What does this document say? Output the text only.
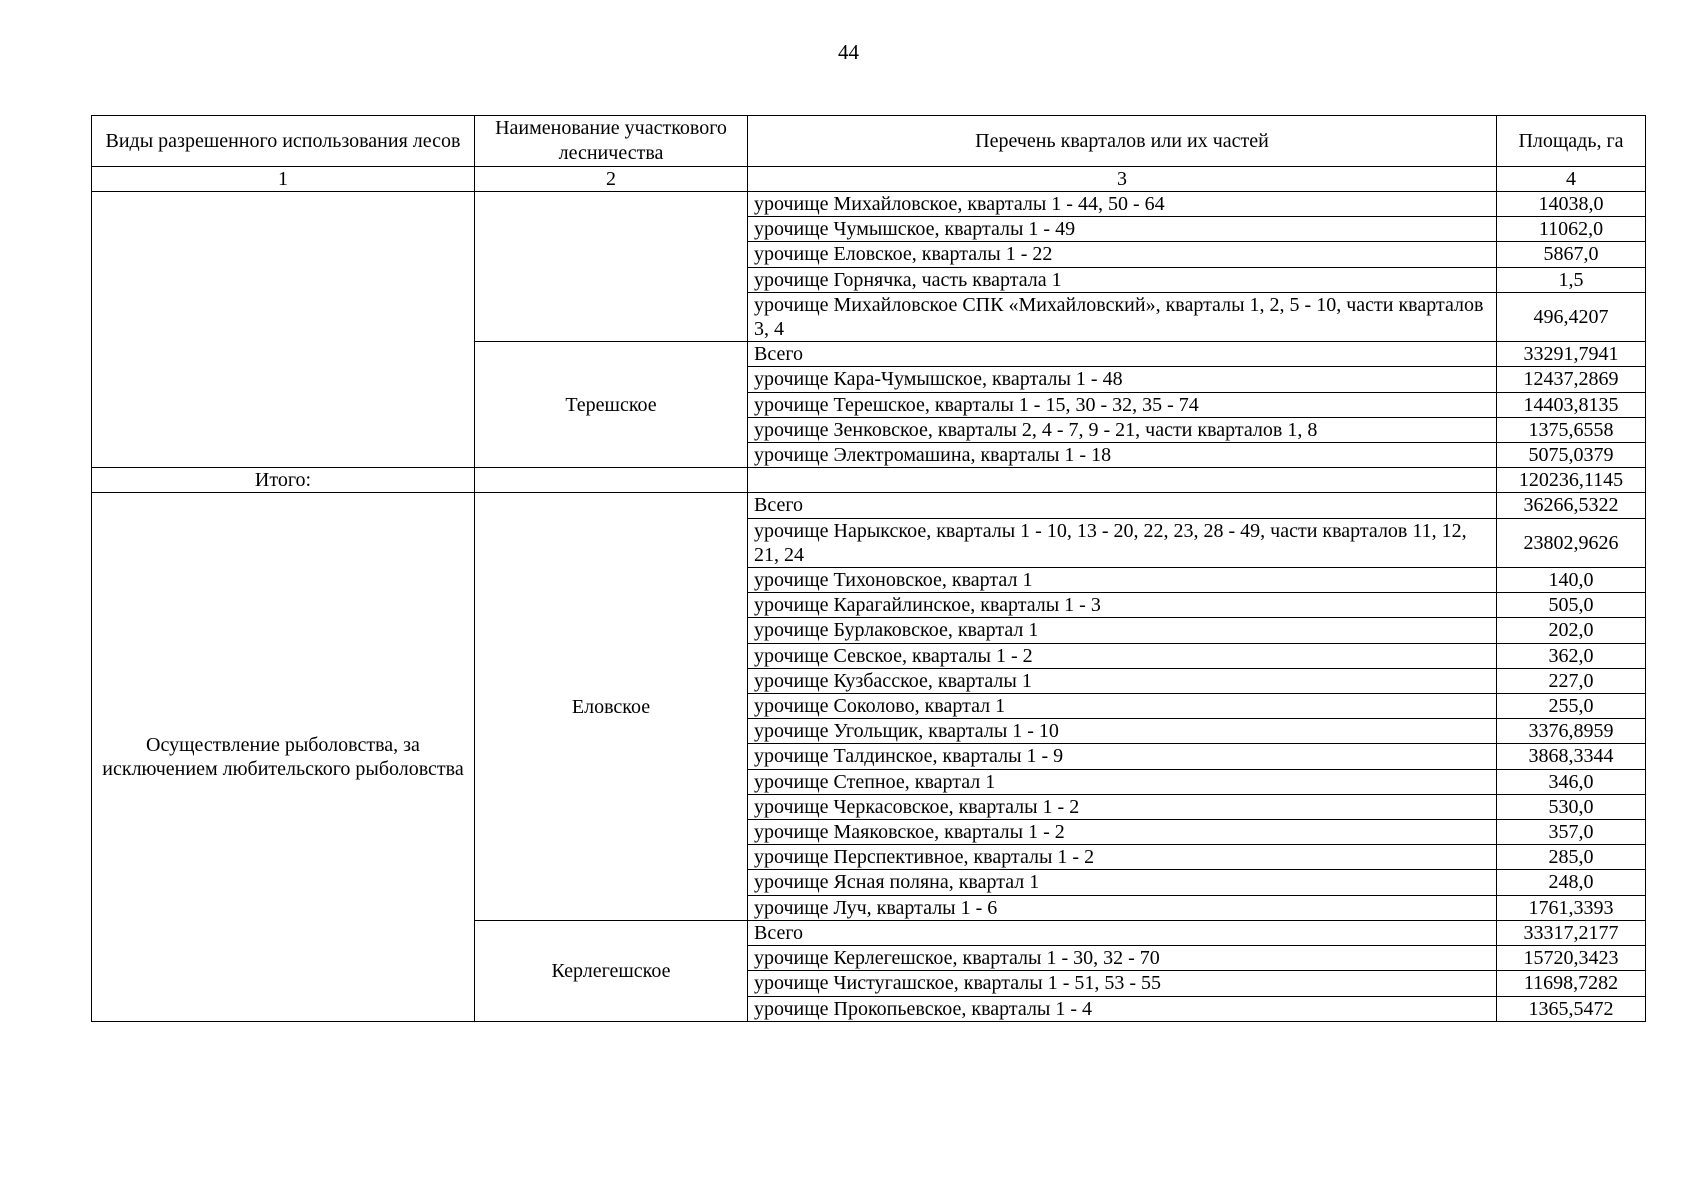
44
Виды разрешенного использования лесов	Наименование участкового лесничества	Перечень кварталов или их частей	Площадь, га
1	2	3	4
		урочище Михайловское, кварталы 1 - 44, 50 - 64	14038,0
		урочище Чумышское, кварталы 1 - 49	11062,0
		урочище Еловское, кварталы 1 - 22	5867,0
		урочище Горнячка, часть квартала 1	1,5
		урочище Михайловское СПК «Михайловский», кварталы 1, 2, 5 - 10, части кварталов 3, 4	496,4207
	Терешское	Всего	33291,7941
		урочище Кара-Чумышское, кварталы 1 - 48	12437,2869
		урочище Терешское, кварталы 1 - 15, 30 - 32, 35 - 74	14403,8135
		урочище Зенковское, кварталы 2, 4 - 7, 9 - 21, части кварталов 1, 8	1375,6558
		урочище Электромашина, кварталы 1 - 18	5075,0379
Итого:			120236,1145
Осуществление рыболовства, за исключением любительского рыболовства	Еловское	Всего	36266,5322
		урочище Нарыкское, кварталы 1 - 10, 13 - 20, 22, 23, 28 - 49, части кварталов 11, 12, 21, 24	23802,9626
		урочище Тихоновское, квартал 1	140,0
		урочище Карагайлинское, кварталы 1 - 3	505,0
		урочище Бурлаковское, квартал 1	202,0
		урочище Севское, кварталы 1 - 2	362,0
		урочище Кузбасское, кварталы 1	227,0
		урочище Соколово, квартал 1	255,0
		урочище Угольщик, кварталы 1 - 10	3376,8959
		урочище Талдинское, кварталы 1 - 9	3868,3344
		урочище Степное, квартал 1	346,0
		урочище Черкасовское, кварталы 1 - 2	530,0
		урочище Маяковское, кварталы 1 - 2	357,0
		урочище Перспективное, кварталы 1 - 2	285,0
		урочище Ясная поляна, квартал 1	248,0
		урочище Луч, кварталы 1 - 6	1761,3393
	Керлегешское	Всего	33317,2177
		урочище Керлегешское, кварталы 1 - 30, 32 - 70	15720,3423
		урочище Чистугашское, кварталы 1 - 51, 53 - 55	11698,7282
		урочище Прокопьевское, кварталы 1 - 4	1365,5472
